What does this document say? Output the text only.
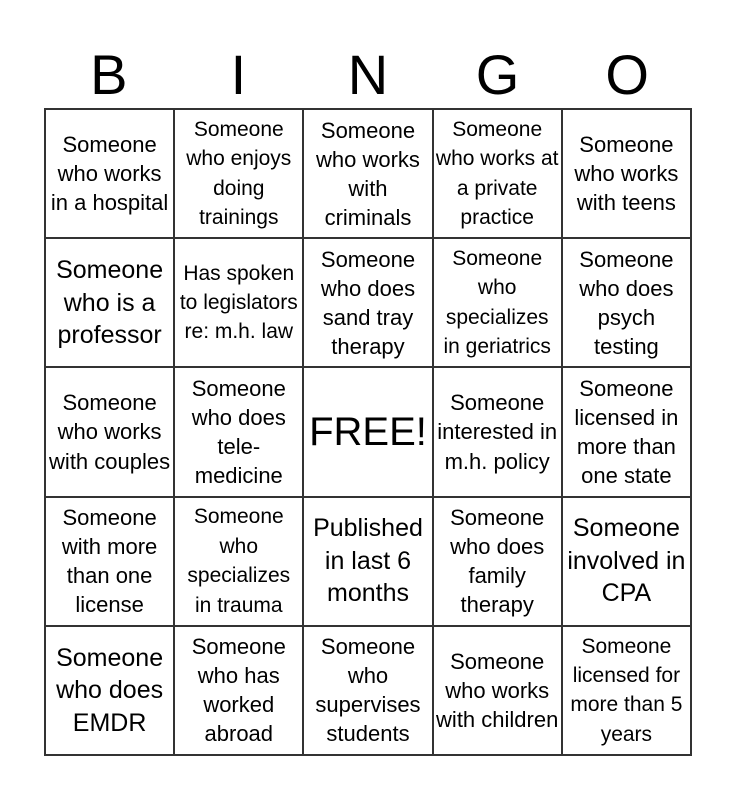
B	I	N	G	O
Someone who works in a hospital
Someone who enjoys doing trainings
Someone who works with criminals
Someone who works at a private practice
Someone who works with teens
Someone who is a professor
Has spoken to legislators re: m.h. law
Someone who does sand tray therapy
Someone who specializes in geriatrics
Someone who does psych testing
Someone who works with couples
Someone who does tele-medicine
FREE!
Someone interested in m.h. policy
Someone licensed in more than one state
Someone with more than one license
Someone who specializes in trauma
Published in last 6 months
Someone who does family therapy
Someone involved in CPA
Someone who does EMDR
Someone who has worked abroad
Someone who supervises students
Someone who works with children
Someone licensed for more than 5 years
